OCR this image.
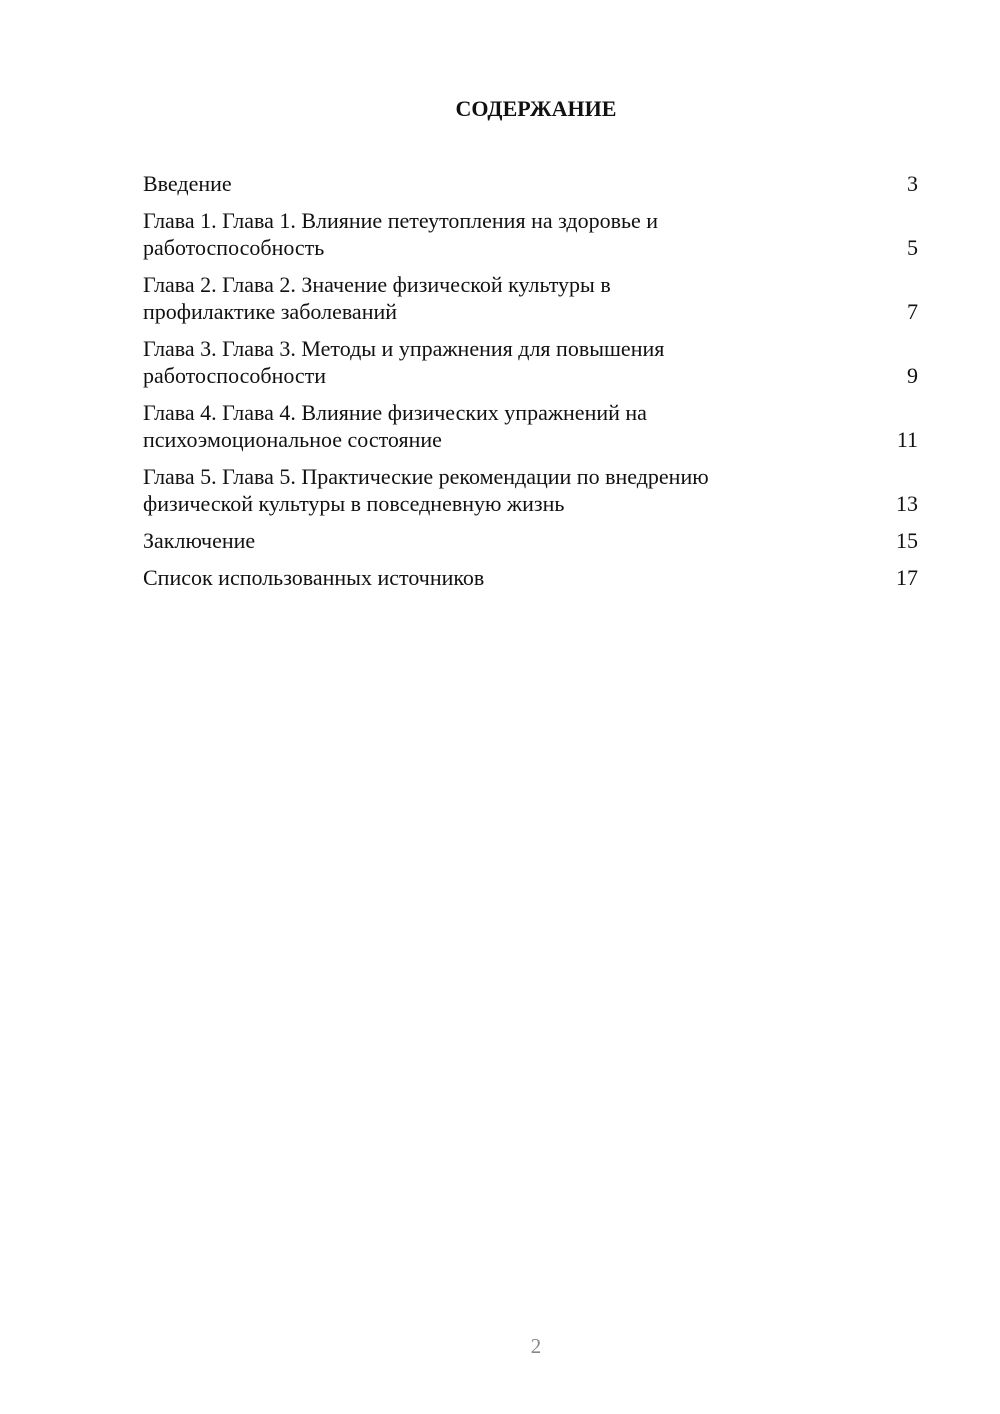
СОДЕРЖАНИЕ
Введение	3
Глава 1. Глава 1. Влияние петеутопления на здоровье и
работоспособность	5
Глава 2. Глава 2. Значение физической культуры в
профилактике заболеваний	7
Глава 3. Глава 3. Методы и упражнения для повышения
работоспособности	9
Глава 4. Глава 4. Влияние физических упражнений на
психоэмоциональное состояние	11
Глава 5. Глава 5. Практические рекомендации по внедрению
физической культуры в повседневную жизнь	13
Заключение	15
Список использованных источников	17
2
